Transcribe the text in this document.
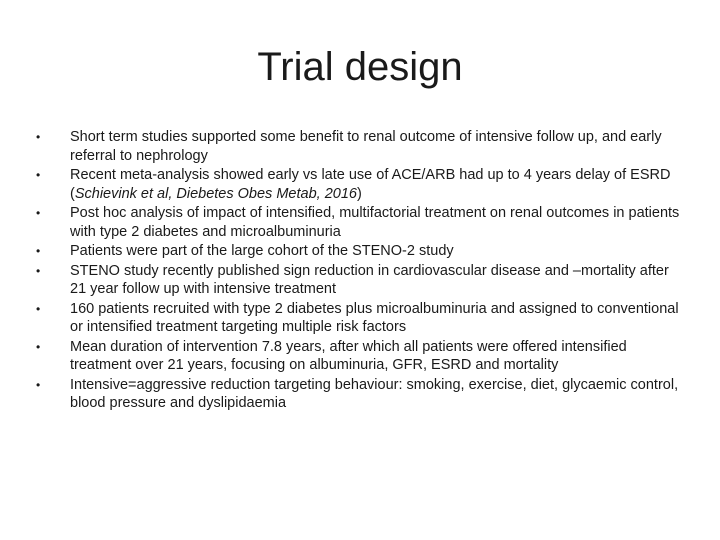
Trial design
•	Short term studies supported some benefit to renal outcome of intensive follow up, and early referral to nephrology
•	Recent meta-analysis showed early vs late use of ACE/ARB had up to 4 years delay of ESRD (Schievink et al, Diebetes Obes Metab, 2016)
•	Post hoc analysis of impact of intensified, multifactorial treatment on renal outcomes in patients with type 2 diabetes and microalbuminuria
•	Patients were part of the large cohort of the STENO-2 study
•	STENO study recently published sign reduction in cardiovascular disease and –mortality after 21 year follow up with intensive treatment
•	160 patients recruited with type 2 diabetes plus microalbuminuria and assigned to conventional or intensified treatment targeting multiple risk factors
•	Mean duration of intervention 7.8 years, after which all patients were offered intensified treatment over 21 years, focusing on albuminuria, GFR, ESRD and mortality
•	Intensive=aggressive reduction targeting behaviour: smoking, exercise, diet, glycaemic control, blood pressure and dyslipidaemia
